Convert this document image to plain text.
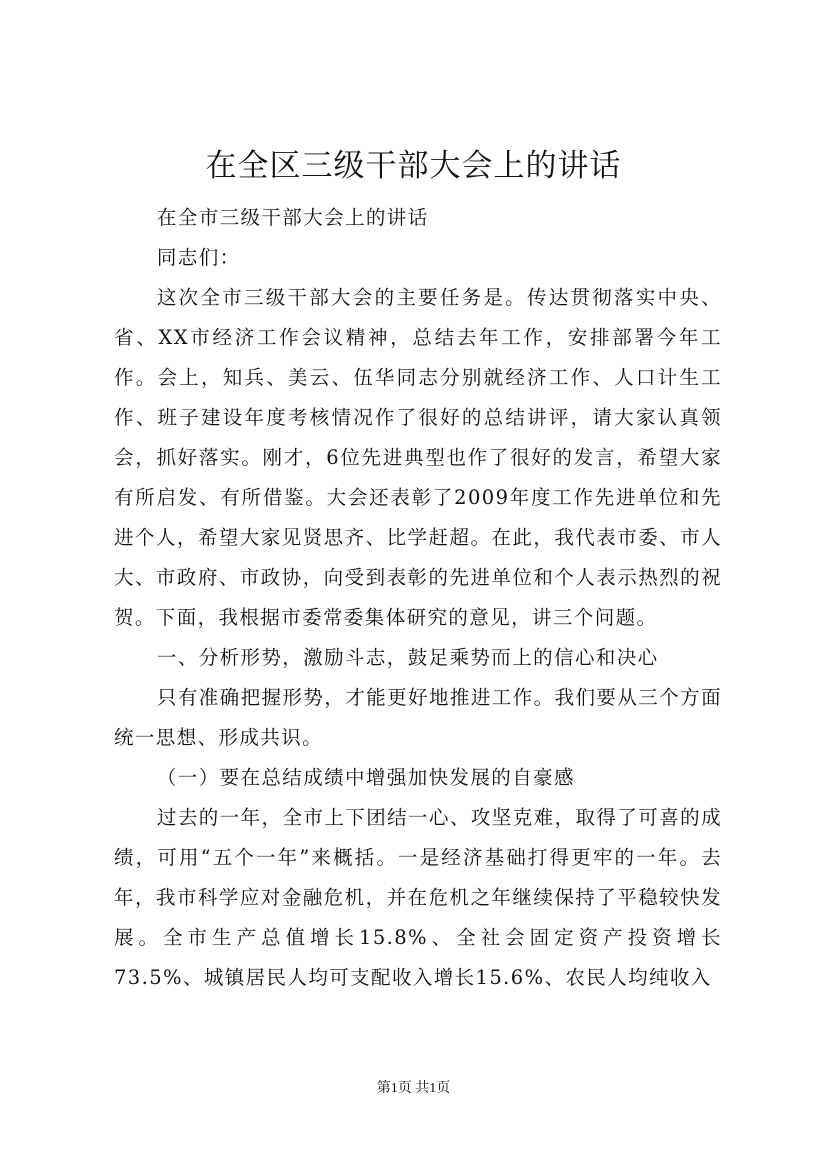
在全区三级干部大会上的讲话

在全市三级干部大会上的讲话

同志们：

这次全市三级干部大会的主要任务是。传达贯彻落实中央、省、XX市经济工作会议精神，总结去年工作，安排部署今年工作。会上，知兵、美云、伍华同志分别就经济工作、人口计生工作、班子建设年度考核情况作了很好的总结讲评，请大家认真领会，抓好落实。刚才，6位先进典型也作了很好的发言，希望大家有所启发、有所借鉴。大会还表彰了2009年度工作先进单位和先进个人，希望大家见贤思齐、比学赶超。在此，我代表市委、市人大、市政府、市政协，向受到表彰的先进单位和个人表示热烈的祝贺。下面，我根据市委常委集体研究的意见，讲三个问题。

一、分析形势，激励斗志，鼓足乘势而上的信心和决心

只有准确把握形势，才能更好地推进工作。我们要从三个方面统一思想、形成共识。

（一）要在总结成绩中增强加快发展的自豪感

过去的一年，全市上下团结一心、攻坚克难，取得了可喜的成绩，可用“五个一年”来概括。一是经济基础打得更牢的一年。去年，我市科学应对金融危机，并在危机之年继续保持了平稳较快发展。全市生产总值增长15.8%、全社会固定资产投资增长73.5%、城镇居民人均可支配收入增长15.6%、农民人均纯收入

第1页 共1页
